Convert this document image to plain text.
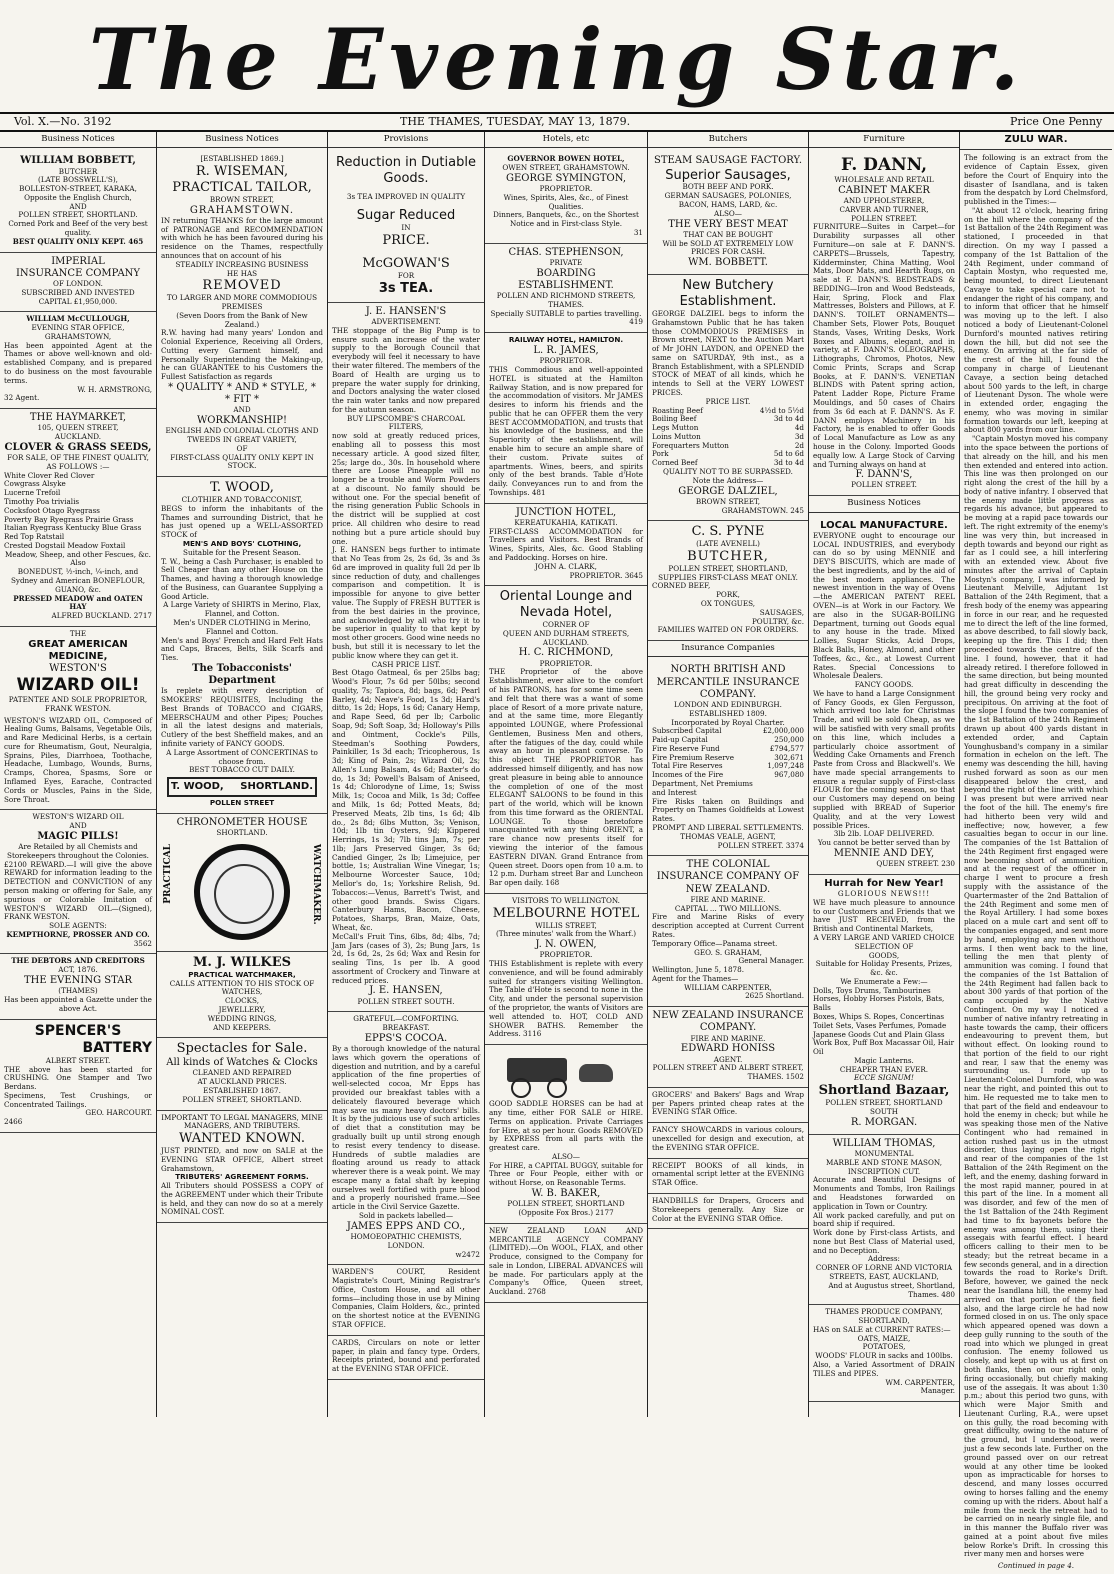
The Evening Star.
Vol. X.—No. 3192	THE THAMES, TUESDAY, MAY 13, 1879.	Price One Penny
Business Notices
WILLIAM BOBBETT,
BUTCHER
(LATE BOSSWELL'S),
BOLLESTON-STREET, KARAKA,
Opposite the English Church,
AND
POLLEN STREET, SHORTLAND.
Corned Pork and Beef of the very best quality.
BEST QUALITY ONLY KEPT. 465
IMPERIAL
INSURANCE COMPANY
OF LONDON.
SUBSCRIBED AND INVESTED
CAPITAL £1,950,000.
WILLIAM McCULLOUGH,
EVENING STAR OFFICE,
GRAHAMSTOWN,
Has been appointed Agent at the Thames or above well-known and old-established Company, and is prepared to do business on the most favourable terms.
W. H. ARMSTRONG,
32 Agent.
THE HAYMARKET,
105, QUEEN STREET,
AUCKLAND.
CLOVER & GRASS SEEDS,
FOR SALE, OF THE FINEST QUALITY,
AS FOLLOWS :—
White Clover Red Clover
Cowgrass Alsyke
Lucerne Trefoil
Timothy Poa trivialis
Cocksfoot Otago Ryegrass
Poverty Bay Ryegrass Prairie Grass
Italian Ryegrass Kentucky Blue Grass
Red Top Ratstail
Crested Dogstail Meadow Foxtail
Meadow, Sheep, and other Fescues, &c.
Also
BONEDUST, ½-inch, ¼-inch, and Sydney and American BONEFLOUR, GUANO, &c.
PRESSED MEADOW and OATEN HAY
ALFRED BUCKLAND. 2717
THE
GREAT AMERICAN MEDICINE,
WESTON'S
WIZARD OIL!
PATENTEE AND SOLE PROPRIETOR,
FRANK WESTON.
WESTON'S WIZARD OIL, Composed of Healing Gums, Balsams, Vegetable Oils, and Rare Medicinal Herbs, is a certain cure for Rheumatism, Gout, Neuralgia, Sprains, Piles, Diarrhoea, Toothache, Headache, Lumbago, Wounds, Burns, Cramps, Chorea, Spasms, Sore or Inflamed Eyes, Earache, Contracted Cords or Muscles, Pains in the Side, Sore Throat.
WESTON'S WIZARD OIL
AND
MAGIC PILLS!
Are Retailed by all Chemists and Storekeepers throughout the Colonies.
£2100 REWARD.—I will give the above REWARD for information leading to the DETECTION and CONVICTION of any person making or offering for Sale, any spurious or Colorable Imitation of WESTON'S WIZARD OIL—(Signed), FRANK WESTON.
SOLE AGENTS:
KEMPTHORNE, PROSSER AND CO.
3562
THE DEBTORS AND CREDITORS
ACT, 1876.
THE EVENING STAR
(THAMES)
Has been appointed a Gazette under the above Act.
SPENCER'S
BATTERY
ALBERT STREET.
THE above has been started for CRUSHING. One Stamper and Two Berdans.
Specimens, Test Crushings, or Concentrated Tailings.
GEO. HARCOURT.
2466
Business Notices
[ESTABLISHED 1869.]
R. WISEMAN,
PRACTICAL TAILOR,
BROWN STREET,
GRAHAMSTOWN.
IN returning THANKS for the large amount of PATRONAGE and RECOMMENDATION with which he has been favoured during his residence on the Thames, respectfully announces that on account of his
STEADILY INCREASING BUSINESS
HE HAS
REMOVED
TO LARGER AND MORE COMMODIOUS PREMISES
(Seven Doors from the Bank of New Zealand.)
R.W. having had many years' London and Colonial Experience, Receiving all Orders, Cutting every Garment himself, and Personally Superintending the Making-up, he can GUARANTEE to his Customers the Fullest Satisfaction as regards
* QUALITY * AND * STYLE, *
* FIT *
AND
WORKMANSHIP!
ENGLISH AND COLONIAL CLOTHS AND TWEEDS IN GREAT VARIETY,
OF
FIRST-CLASS QUALITY ONLY KEPT IN STOCK.
T. WOOD,
CLOTHIER AND TOBACCONIST,
BEGS to inform the inhabitants of the Thames and surrounding District, that he has just opened up a WELL-ASSORTED STOCK of
MEN'S AND BOYS' CLOTHING,
Suitable for the Present Season.
T. W., being a Cash Purchaser, is enabled to Sell Cheaper than any other House on the Thames, and having a thorough knowledge of the Business, can Guarantee Supplying a Good Article.
A Large Variety of SHIRTS in Merino, Flax, Flannel, and Cotton.
Men's UNDER CLOTHING in Merino, Flannel and Cotton.
Men's and Boys' French and Hard Felt Hats and Caps, Braces, Belts, Silk Scarfs and Ties.
The Tobacconists' Department
Is replete with every description of SMOKERS' REQUISITES, Including the Best Brands of TOBACCO and CIGARS, MEERSCHAUM and other Pipes; Pouches in all the latest designs and materials, Cutlery of the best Sheffield makes, and an infinite variety of FANCY GOODS.
A Large Assortment of CONCERTINAS to choose from.
BEST TOBACCO CUT DAILY.
T. WOOD, SHORTLAND.
POLLEN STREET
CHRONOMETER HOUSE
SHORTLAND.
PRACTICAL	WATCHMAKER.
M. J. WILKES
PRACTICAL WATCHMAKER,
CALLS ATTENTION TO HIS STOCK OF
WATCHES,
CLOCKS,
JEWELLERY,
WEDDING RINGS,
AND KEEPERS.
Spectacles for Sale.
All kinds of Watches & Clocks
CLEANED AND REPAIRED
AT AUCKLAND PRICES.
ESTABLISHED 1867.
POLLEN STREET, SHORTLAND.
IMPORTANT TO LEGAL MANAGERS, MINE MANAGERS, AND TRIBUTERS.
WANTED KNOWN.
JUST PRINTED, and now on SALE at the EVENING STAR OFFICE, Albert street Grahamstown,
TRIBUTERS' AGREEMENT FORMS.
All Tributers should POSSESS a COPY of the AGREEMENT under which their Tribute is held, and they can now do so at a merely NOMINAL COST.
Provisions
Reduction in Dutiable
Goods.
3s TEA IMPROVED IN QUALITY
Sugar Reduced
IN
PRICE.
McGOWAN'S
FOR
3s TEA.
J. E. HANSEN'S
ADVERTISEMENT.
THE stoppage of the Big Pump is to ensure such an increase of the water supply to the Borough Council that everybody will feel it necessary to have their water filtered. The members of the Board of Health are urging us to prepare the water supply for drinking, and Doctors analysing the water closed the rain water tanks and now prepared for the autumn season.
BUY LIPSCOMBE'S CHARCOAL FILTERS,
now sold at greatly reduced prices, enabling all to possess this most necessary article. A good sized filter, 25s; large do., 30s. In household where there are Loose Pineapple will no longer be a trouble and Worm Powders at a discount. No family should be without one. For the special benefit of the rising generation Public Schools in the district will be supplied at cost price. All children who desire to read nothing but a pure article should buy one.
J. E. HANSEN begs further to intimate that No Teas from 2s, 2s 6d, 3s and 3s 6d are improved in quality full 2d per lb since reduction of duty, and challenges comparison and competition. It is impossible for anyone to give better value. The Supply of FRESH BUTTER is from the best dairies in the province, and acknowledged by all who try it to be superior in quality to that kept by most other grocers. Good wine needs no bush, but still it is necessary to let the public know where they can get it.
CASH PRICE LIST.
Best Otago Oatmeal, 6s per 25lbs bag; Wood's Flour, 7s 6d per 50lbs; second quality, 7s; Tapioca, 8d; bags, 6d; Pearl Barley, 4d; Neave's Food, 1s 3d; Hard's ditto, 1s 2d; Hops, 1s 6d; Canary Hemp, and Rape Seed, 6d per lb; Carbolic Soap, 9d; Soft Soap, 3d; Holloway's Pills and Ointment, Cockle's Pills, Steedman's Soothing Powders, Painkiller, 1s 3d each; Tricopherous, 1s 3d; King of Pain, 2s; Wizard Oil, 2s; Allen's Lung Balsam, 4s 6d; Baxter's do do, 1s 3d; Powell's Balsam of Aniseed, 1s 4d; Chlorodyne of Lime, 1s; Swiss Milk, 1s; Cocoa and Milk, 1s 3d; Coffee and Milk, 1s 6d; Potted Meats, 8d; Preserved Meats, 2lb tins, 1s 6d; 4lb do., 2s 8d; 6lbs Mutton, 3s; Venison, 10d; 1lb tin Oysters, 9d; Kippered Herrings, 1s 3d; 7lb tins Jam, 7s; per 1lb; Jars Preserved Ginger, 3s 6d; Candied Ginger, 2s lb; Limejuice, per bottle, 1s; Australian Wine Vinegar, 1s; Melbourne Worcester Sauce, 10d; Mellor's do, 1s; Yorkshire Relish, 9d. Tobaccos:—Venus, Barrett's Twist, and other good brands. Swiss Cigars. Canterbury Hams, Bacon, Cheese, Potatoes, Sharps, Bran, Maize, Oats, Wheat, &c.
McCall's Fruit Tins, 6lbs, 8d; 4lbs, 7d; Jam Jars (cases of 3), 2s; Bung Jars, 1s 2d, 1s 6d, 2s, 2s 6d; Wax and Resin for sealing Tins, 1s per lb. A good assortment of Crockery and Tinware at reduced prices.
J. E. HANSEN,
POLLEN STREET SOUTH.
GRATEFUL—COMFORTING.
BREAKFAST.
EPPS'S COCOA.
By a thorough knowledge of the natural laws which govern the operations of digestion and nutrition, and by a careful application of the fine properties of well-selected cocoa, Mr Epps has provided our breakfast tables with a delicately flavoured beverage which may save us many heavy doctors' bills. It is by the judicious use of such articles of diet that a constitution may be gradually built up until strong enough to resist every tendency to disease. Hundreds of subtle maladies are floating around us ready to attack wherever there is a weak point. We may escape many a fatal shaft by keeping ourselves well fortified with pure blood and a properly nourished frame.—See article in the Civil Service Gazette.
Sold in packets labelled—
JAMES EPPS AND CO.,
HOMOEOPATHIC CHEMISTS,
LONDON.
w2472
WARDEN'S COURT, Resident Magistrate's Court, Mining Registrar's Office, Custom House, and all other forms—including those in use by Mining Companies, Claim Holders, &c., printed on the shortest notice at the EVENING STAR OFFICE.
CARDS, Circulars on note or letter paper, in plain and fancy type. Orders, Receipts printed, bound and perforated at the EVENING STAR OFFICE.
Hotels, etc
GOVERNOR BOWEN HOTEL,
OWEN STREET, GRAHAMSTOWN.
GEORGE SYMINGTON,
PROPRIETOR.
Wines, Spirits, Ales, &c., of Finest Qualities.
Dinners, Banquets, &c., on the Shortest Notice and in First-class Style.
31
CHAS. STEPHENSON,
PRIVATE
BOARDING ESTABLISHMENT.
POLLEN AND RICHMOND STREETS,
THAMES.
Specially SUITABLE to parties travelling.
419
RAILWAY HOTEL, HAMILTON.
L. R. JAMES,
PROPRIETOR.
THIS Commodious and well-appointed HOTEL is situated at the Hamilton Railway Station, and is now prepared for the accommodation of visitors. Mr JAMES desires to inform his friends and the public that he can OFFER them the very BEST ACCOMMODATION, and trusts that his knowledge of the business, and the Superiority of the establishment, will enable him to secure an ample share of their custom. Private suites of apartments. Wines, beers, and spirits only of the best brands. Table d'Hote daily. Conveyances run to and from the Townships. 481
JUNCTION HOTEL,
KEREATUKAHIA, KATIKATI.
FIRST-CLASS ACCOMMODATION for Travellers and Visitors. Best Brands of Wines, Spirits, Ales, &c. Good Stabling and Paddocking. Horses on hire.
JOHN A. CLARK,
PROPRIETOR. 3645
Oriental Lounge and
Nevada Hotel,
CORNER OF
QUEEN AND DURHAM STREETS,
AUCKLAND.
H. C. RICHMOND,
PROPRIETOR.
THE Proprietor of the above Establishment, ever alive to the comfort of his PATRONS, has for some time seen and felt that there was a want of some place of Resort of a more private nature, and at the same time, more Elegantly appointed LOUNGE, where Professional Gentlemen, Business Men and others, after the fatigues of the day, could while away an hour in pleasant converse. To this object THE PROPRIETOR has addressed himself diligently, and has now great pleasure in being able to announce the completion of one of the most ELEGANT SALOONS to be found in this part of the world, which will be known from this time forward as the ORIENTAL LOUNGE. To those heretofore unacquainted with any thing ORIENT, a rare chance now presents itself for viewing the interior of the famous EASTERN DIVAN. Grand Entrance from Queen street. Doors open from 10 a.m. to 12 p.m. Durham street Bar and Luncheon Bar open daily. 168
VISITORS TO WELLINGTON.
MELBOURNE HOTEL
WILLIS STREET,
(Three minutes' walk from the Wharf.)
J. N. OWEN,
PROPRIETOR.
THIS Establishment is replete with every convenience, and will be found admirably suited for strangers visiting Wellington. The Table d'Hote is second to none in the City, and under the personal supervision of the proprietor, the wants of Visitors are well attended to. HOT, COLD AND SHOWER BATHS. Remember the Address. 3116
GOOD SADDLE HORSES can be had at any time, either FOR SALE or HIRE. Terms on application. Private Carriages for Hire, at so per hour. Goods REMOVED by EXPRESS from all parts with the greatest care.
ALSO—
For HIRE, a CAPITAL BUGGY, suitable for Three or Four People, either with or without Horse, on Reasonable Terms.
W. B. BAKER,
POLLEN STREET, SHORTLAND
(Opposite Fox Bros.) 2177
NEW ZEALAND LOAN AND MERCANTILE AGENCY COMPANY (LIMITED).—On WOOL, FLAX, and other Produce, consigned to the Company for sale in London, LIBERAL ADVANCES will be made. For particulars apply at the Company's Office, Queen street, Auckland. 2768
Butchers
STEAM SAUSAGE FACTORY.
Superior Sausages,
BOTH BEEF AND PORK.
GERMAN SAUSAGES, POLONIES,
BACON, HAMS, LARD, &c.
ALSO—
THE VERY BEST MEAT
THAT CAN BE BOUGHT
Will be SOLD AT EXTREMELY LOW
PRICES FOR CASH.
WM. BOBBETT.
New Butchery Establishment.
GEORGE DALZIEL begs to inform the Grahamstown Public that he has taken those COMMODIOUS PREMISES in Brown street, NEXT to the Auction Mart of Mr JOHN LAYDON, and OPENED the same on SATURDAY, 9th inst., as a Branch Establishment, with a SPLENDID STOCK of MEAT of all kinds, which he intends to Sell at the VERY LOWEST PRICES.
PRICE LIST.
Roasting Beef	4½d to 5½d
Boiling Beef	3d to 4d
Legs Mutton	4d
Loins Mutton	3d
Forequarters Mutton	2d
Pork	5d to 6d
Corned Beef	3d to 4d
QUALITY NOT TO BE SURPASSED.
Note the Address—
GEORGE DALZIEL,
BROWN STREET,
GRAHAMSTOWN. 245
C. S. PYNE
(LATE AVENELL)
BUTCHER,
POLLEN STREET, SHORTLAND,
SUPPLIES FIRST-CLASS MEAT ONLY.
CORNED BEEF,
PORK,
OX TONGUES,
SAUSAGES,
POULTRY, &c.
FAMILIES WAITED ON FOR ORDERS.
Insurance Companies
NORTH BRITISH AND MERCANTILE INSURANCE COMPANY.
LONDON AND EDINBURGH.
ESTABLISHED 1809.
Incorporated by Royal Charter.
Subscribed Capital	£2,000,000
Paid-up Capital	250,000
Fire Reserve Fund	£794,577
Fire Premium Reserve	302,671
Total Fire Reserves	1,097,248
Incomes of the Fire Department, Net Premiums and Interest
967,080
Fire Risks taken on Buildings and Property on Thames Goldfields at Lowest Rates.
PROMPT AND LIBERAL SETTLEMENTS.
THOMAS VEALE, AGENT,
POLLEN STREET. 3374
THE COLONIAL INSURANCE COMPANY OF NEW ZEALAND.
FIRE AND MARINE.
CAPITAL ... TWO MILLIONS.
Fire and Marine Risks of every description accepted at Current Current Rates.
Temporary Office—Panama street.
GEO. S. GRAHAM,
General Manager.
Wellington, June 5, 1878.
Agent for the Thames—
WILLIAM CARPENTER,
2625 Shortland.
NEW ZEALAND INSURANCE COMPANY.
FIRE AND MARINE.
EDWARD HONISS
AGENT.
POLLEN STREET AND ALBERT STREET,
THAMES. 1502
GROCERS' and Bakers' Bags and Wrap per Papers printed cheap rates at the EVENING STAR Office.
FANCY SHOWCARDS in various colours, unexcelled for design and execution, at the EVENING STAR OFFICE.
RECEIPT BOOKS of all kinds, in ornamental script letter at the EVENING STAR Office.
HANDBILLS for Drapers, Grocers and Storekeepers generally. Any Size or Color at the EVENING STAR Office.
Furniture
F. DANN,
WHOLESALE AND RETAIL
CABINET MAKER
AND UPHOLSTERER,
CARVER AND TURNER,
POLLEN STREET.
FURNITURE—Suites in Carpet—for Durability surpasses all other Furniture—on sale at F. DANN'S. CARPETS—Brussels, Tapestry, Kidderminster, China Matting, Wool Mats, Door Mats, and Hearth Rugs, on sale at F. DANN'S. BEDSTEADS & BEDDING—Iron and Wood Bedsteads, Hair, Spring, Flock and Flax Mattresses, Bolsters and Pillows, at F. DANN'S. TOILET ORNAMENTS—Chamber Sets, Flower Pots, Bouquet Stands, Vases, Writing Desks, Work Boxes and Albums, elegant, and in variety, at F. DANN'S. OLEOGRAPHS, Lithographs, Chromos, Photos, New Comic Prints, Scraps and Scrap Books, at F. DANN'S. VENETIAN BLINDS with Patent spring action, Patent Ladder Rope, Picture Frame Mouldings, and 50 cases of Chairs from 3s 6d each at F. DANN'S. As F. DANN employs Machinery in his Factory, he is enabled to offer Goods of Local Manufacture as Low as any house in the Colony. Imported Goods equally low. A Large Stock of Carving and Turning always on hand at
F. DANN'S,
POLLEN STREET.
Business Notices
LOCAL MANUFACTURE.
EVERYONE ought to encourage our LOCAL INDUSTRIES, and everybody can do so by using MENNIE and DEY'S BISCUITS, which are made of the best ingredients, and by the aid of the best modern appliances. The newest invention in the way of Ovens—the AMERICAN PATENT REEL OVEN—is at Work in our Factory. We are also in the SUGAR-BOILING Department, turning out Goods equal to any house in the trade. Mixed Lollies, Sugar Sticks, Acid Drops, Black Balls, Honey, Almond, and other Toffees, &c., &c., at Lowest Current Rates. Special Concessions to Wholesale Dealers.
FANCY GOODS.
We have to hand a Large Consignment of Fancy Goods, ex Glen Fergusson, which arrived too late for Christmas Trade, and will be sold Cheap, as we will be satisfied with very small profits on this line, which includes a particularly choice assortment of Wedding Cake Ornaments and French Paste from Cross and Blackwell's. We have made special arrangements to ensure a regular supply of First-class FLOUR for the coming season, so that our Customers may depend on being supplied with BREAD of Superior Quality, and at the very Lowest possible Prices.
3lb 2lb. LOAF DELIVERED.
You cannot be better served than by
MENNIE AND DEY,
QUEEN STREET. 230
Hurrah for New Year!
GLORIOUS NEWS!!!
WE have much pleasure to announce to our Customers and Friends that we have JUST RECEIVED, from the British and Continental Markets,
A VERY LARGE AND VARIED CHOICE SELECTION OF
GOODS,
Suitable for Holiday Presents, Prizes, &c. &c.
We Enumerate a Few:—
Dolls, Toys Drums, Tambourines
Horses, Hobby Horses Pistols, Bats, Balls
Boxes, Whips S. Ropes, Concertinas
Toilet Sets, Vases Perfumes, Pomade
Japanese Goods Cut and Plain Glass
Work Box, Puff Box Macassar Oil, Hair Oil
Magic Lanterns.
CHEAPER THAN EVER.
ECCE SIGNUM!
Shortland Bazaar,
POLLEN STREET, SHORTLAND SOUTH
R. MORGAN.
WILLIAM THOMAS,
MONUMENTAL
MARBLE AND STONE MASON,
INSCRIPTION CUT.
Accurate and Beautiful Designs of Monuments and Tombs, Iron Railings and Headstones forwarded on application in Town or Country.
All work packed carefully, and put on board ship if required.
Work done by First-class Artists, and none but Best Class of Material used, and no Deception.
Address:
CORNER OF LORNE AND VICTORIA STREETS, EAST, AUCKLAND,
And at Augustus street, Shortland, Thames. 480
THAMES PRODUCE COMPANY,
SHORTLAND,
HAS on SALE at CURRENT RATES:—
OATS, MAIZE,
POTATOES,
WOODS' FLOUR in sacks and 100lbs.
Also, a Varied Assortment of DRAIN TILES and PIPES.
WM. CARPENTER,
Manager.
ZULU WAR.
The following is an extract from the evidence of Captain Essex, given before the Court of Enquiry into the disaster of Isandlana, and is taken from the despatch by Lord Chelmsford, published in the Times:—
"At about 12 o'clock, hearing firing on the hill where the company of the 1st Battalion of the 24th Regiment was stationed, I proceeded in that direction. On my way I passed a company of the 1st Battalion of the 24th Regiment, under command of Captain Mostyn, who requested me, being mounted, to direct Lieutenant Cavaye to take special care not to endanger the right of his company, and to inform that officer that he himself was moving up to the left. I also noticed a body of Lieutenant-Colonel Durnford's mounted natives retiring down the hill, but did not see the enemy. On arriving at the far side of the crest of the hill, I found the company in charge of Lieutenant Cavaye, a section being detached about 500 yards to the left, in charge of Lieutenant Dyson. The whole were in extended order, engaging the enemy, who was moving in similar formation towards our left, keeping at about 800 yards from our line.
"Captain Mostyn moved his company into the space between the portions of that already on the hill, and his men then extended and entered into action. This line was then prolonged on our right along the crest of the hill by a body of native infantry. I observed that the enemy made little progress as regards his advance, but appeared to be moving at a rapid pace towards our left. The right extremity of the enemy's line was very thin, but increased in depth towards and beyond our right as far as I could see, a hill interfering with an extended view. About five minutes after the arrival of Captain Mostyn's company, I was informed by Lieutenant Melville, Adjutant 1st Battalion of the 24th Regiment, that a fresh body of the enemy was appearing in force in our rear, and he requested me to direct the left of the line formed, as above described, to fall slowly back, keeping up the fire. This I did; then proceeded towards the centre of the line. I found, however, that it had already retired. I therefore followed in the same direction, but being mounted had great difficulty in descending the hill, the ground being very rocky and precipitous. On arriving at the foot of the slope I found the two companies of the 1st Battalion of the 24th Regiment drawn up about 400 yards distant in extended order, and Captain Younghusband's company in a similar formation in echelon on the left. The enemy was descending the hill, having rushed forward as soon as our men disappeared below the crest, and beyond the right of the line with which I was present but were arrived near the foot of the hill. The enemy's fire had hitherto been very wild and ineffective; now, however, a few casualties began to occur in our line. The companies of the 1st Battalion of the 24th Regiment first engaged were now becoming short of ammunition, and at the request of the officer in charge I went to procure a fresh supply with the assistance of the Quartermaster of the 2nd Battalion of the 24th Regiment and some men of the Royal Artillery. I had some boxes placed on a mule cart and sent off to the companies engaged, and sent more by hand, employing any men without arms. I then went back to the line, telling the men that plenty of ammunition was coming. I found that the companies of the 1st Battalion of the 24th Regiment had fallen back to about 300 yards of that portion of the camp occupied by the Native Contingent. On my way I noticed a number of native infantry retreating in haste towards the camp, their officers endeavouring to prevent them, but without effect. On looking round to that portion of the field to our right and rear, I saw that the enemy was surrounding us. I rode up to Lieutenant-Colonel Durnford, who was near the right, and pointed this out to him. He requested me to take men to that part of the field and endeavour to hold the enemy in check; but while he was speaking those men of the Native Contingent who had remained in action rushed past us in the utmost disorder, thus laying open the right and rear of the companies of the 1st Battalion of the 24th Regiment on the left, and the enemy, dashing forward in the most rapid manner, poured in at this part of the line. In a moment all was disorder, and few of the men of the 1st Battalion of the 24th Regiment had time to fix bayonets before the enemy was among them, using their assegais with fearful effect. I heard officers calling to their men to be steady; but the retreat became in a few seconds general, and in a direction towards the road to Rorke's Drift. Before, however, we gained the neck near the Isandlana hill, the enemy had arrived on that portion of the field also, and the large circle he had now formed closed in on us. The only space which appeared opened was down a deep gully running to the south of the road into which we plunged in great confusion. The enemy followed us closely, and kept up with us at first on both flanks, then on our right only, firing occasionally, but chiefly making use of the assegais. It was about 1:30 p.m.; about this period two guns, with which were Major Smith and Lieutenant Curling, R.A., were upset on this gully, the road becoming with great difficulty, owing to the nature of the ground, but I understood, were just a few seconds late. Further on the ground passed over on our retreat would at any other time be looked upon as impracticable for horses to descend, and many losses occurred owing to horses falling and the enemy coming up with the riders. About half a mile from the neck the retreat had to be carried on in nearly single file, and in this manner the Buffalo river was gained at a point about five miles below Rorke's Drift. In crossing this river many men and horses were
Continued in page 4.
